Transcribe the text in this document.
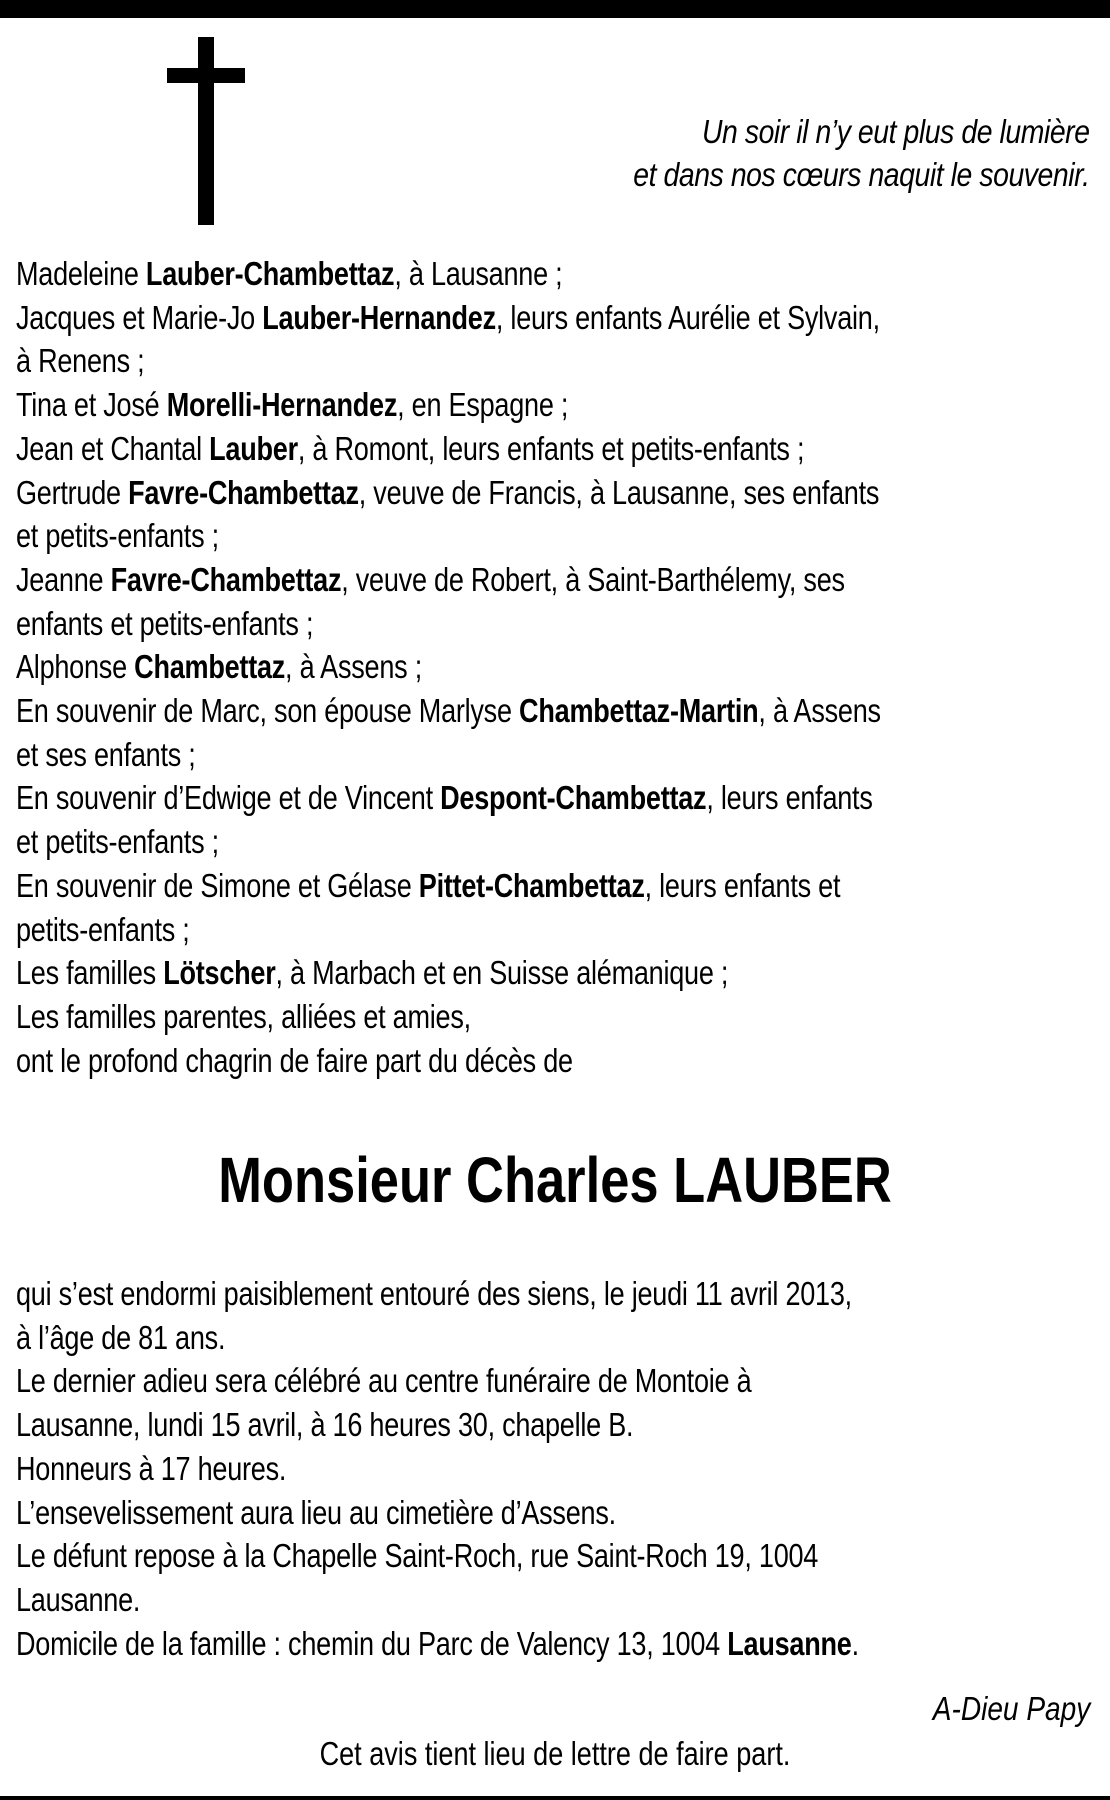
Un soir il n’y eut plus de lumière
et dans nos cœurs naquit le souvenir.
Madeleine Lauber-Chambettaz, à Lausanne ;
Jacques et Marie-Jo Lauber-Hernandez, leurs enfants Aurélie et Sylvain,
à Renens ;
Tina et José Morelli-Hernandez, en Espagne ;
Jean et Chantal Lauber, à Romont, leurs enfants et petits-enfants ;
Gertrude Favre-Chambettaz, veuve de Francis, à Lausanne, ses enfants
et petits-enfants ;
Jeanne Favre-Chambettaz, veuve de Robert, à Saint-Barthélemy, ses
enfants et petits-enfants ;
Alphonse Chambettaz, à Assens ;
En souvenir de Marc, son épouse Marlyse Chambettaz-Martin, à Assens
et ses enfants ;
En souvenir d’Edwige et de Vincent Despont-Chambettaz, leurs enfants
et petits-enfants ;
En souvenir de Simone et Gélase Pittet-Chambettaz, leurs enfants et
petits-enfants ;
Les familles Lötscher, à Marbach et en Suisse alémanique ;
Les familles parentes, alliées et amies,
ont le profond chagrin de faire part du décès de
Monsieur Charles LAUBER
qui s’est endormi paisiblement entouré des siens, le jeudi 11 avril 2013,
à l’âge de 81 ans.
Le dernier adieu sera célébré au centre funéraire de Montoie à
Lausanne, lundi 15 avril, à 16 heures 30, chapelle B.
Honneurs à 17 heures.
L’ensevelissement aura lieu au cimetière d’Assens.
Le défunt repose à la Chapelle Saint-Roch, rue Saint-Roch 19, 1004
Lausanne.
Domicile de la famille : chemin du Parc de Valency 13, 1004 Lausanne.
A-Dieu Papy
Cet avis tient lieu de lettre de faire part.
